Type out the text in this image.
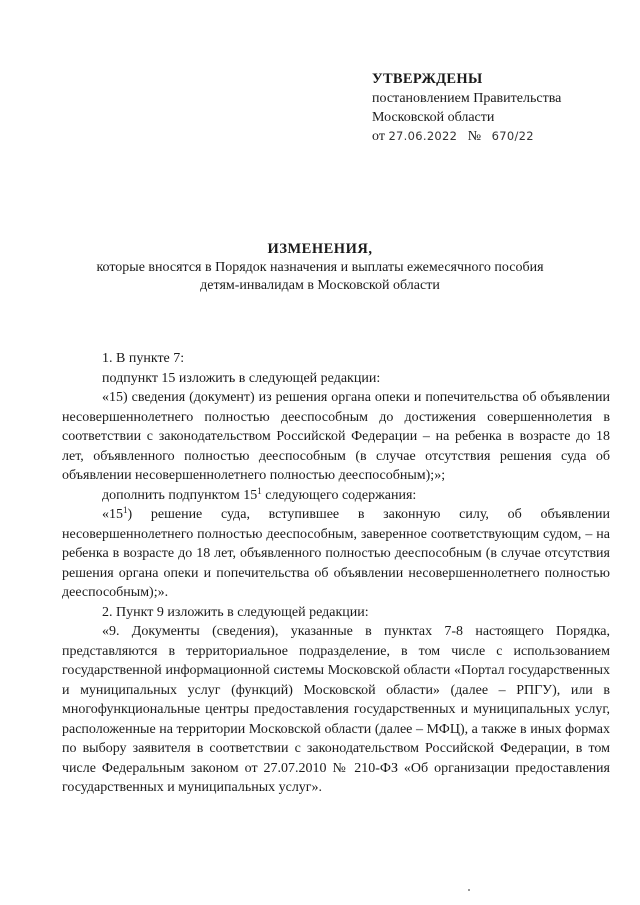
УТВЕРЖДЕНЫ
постановлением Правительства
Московской области
от 27.06.2022 № 670/22
ИЗМЕНЕНИЯ,
которые вносятся в Порядок назначения и выплаты ежемесячного пособия
детям-инвалидам в Московской области

1. В пункте 7:

подпункт 15 изложить в следующей редакции:

«15) сведения (документ) из решения органа опеки и попечительства об объявлении несовершеннолетнего полностью дееспособным до достижения совершеннолетия в соответствии с законодательством Российской Федерации – на ребенка в возрасте до 18 лет, объявленного полностью дееспособным (в случае отсутствия решения суда об объявлении несовершеннолетнего полностью дееспособным);»;

дополнить подпунктом $15^1$ следующего содержания:

«$15^1$) решение суда, вступившее в законную силу, об объявлении несовершеннолетнего полностью дееспособным, заверенное соответствующим судом, – на ребенка в возрасте до 18 лет, объявленного полностью дееспособным (в случае отсутствия решения органа опеки и попечительства об объявлении несовершеннолетнего полностью дееспособным);».

2. Пункт 9 изложить в следующей редакции:

«9. Документы (сведения), указанные в пунктах 7-8 настоящего Порядка, представляются в территориальное подразделение, в том числе с использованием государственной информационной системы Московской области «Портал государственных и муниципальных услуг (функций) Московской области» (далее – РПГУ), или в многофункциональные центры предоставления государственных и муниципальных услуг, расположенные на территории Московской области (далее – МФЦ), а также в иных формах по выбору заявителя в соответствии с законодательством Российской Федерации, в том числе Федеральным законом от 27.07.2010 № 210-ФЗ «Об организации предоставления государственных и муниципальных услуг».
